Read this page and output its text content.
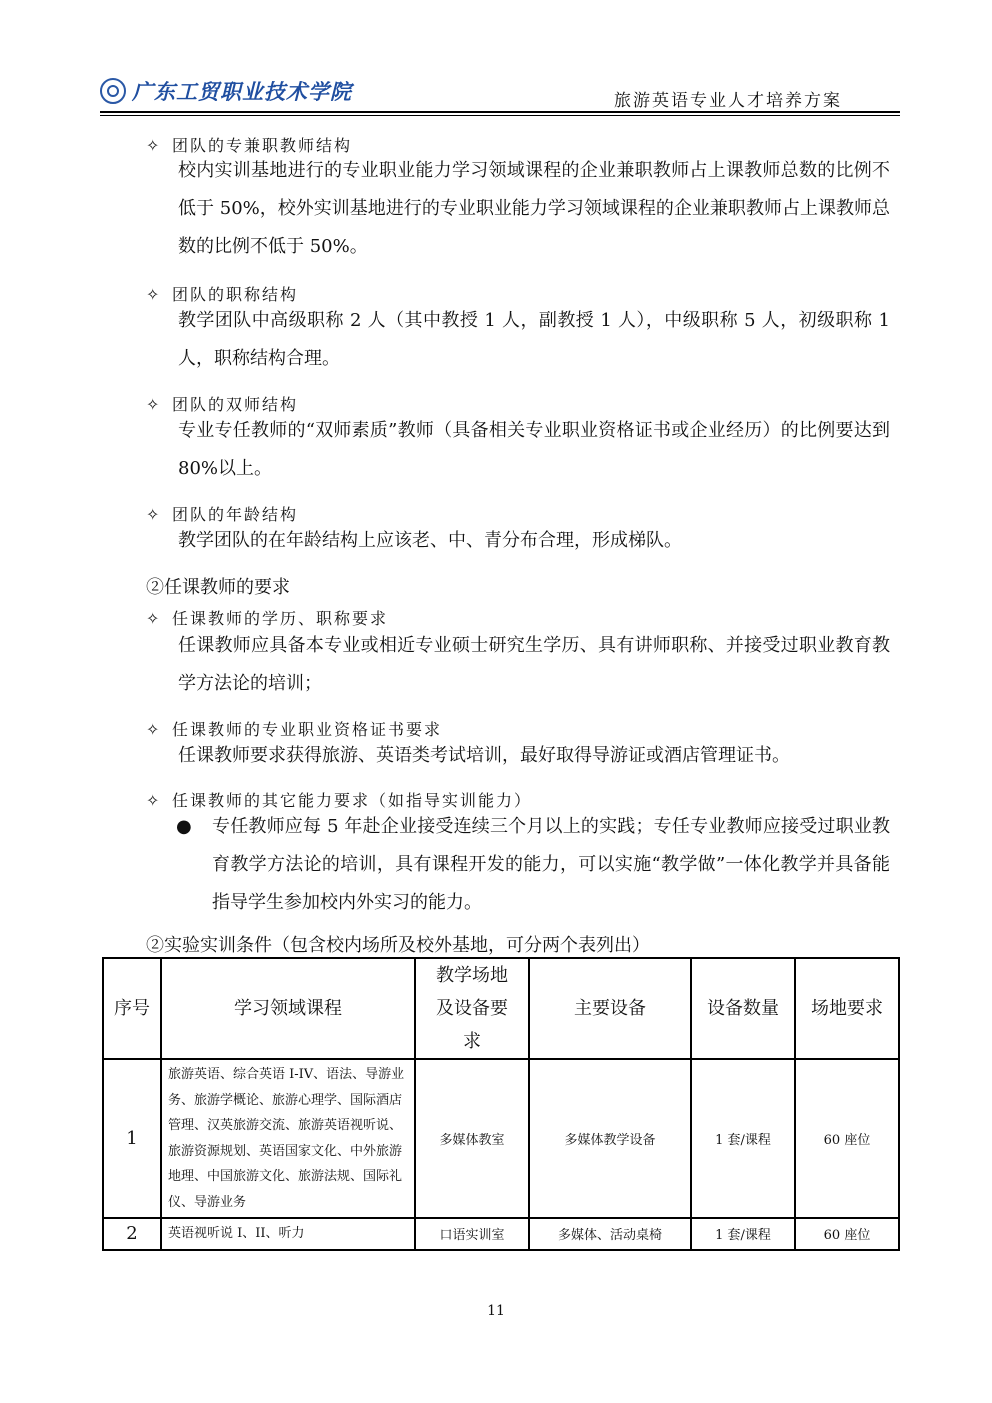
广东工贸职业技术学院	旅游英语专业人才培养方案
✧ 团队的专兼职教师结构
校内实训基地进行的专业职业能力学习领域课程的企业兼职教师占上课教师总数的比例不低于 50%，校外实训基地进行的专业职业能力学习领域课程的企业兼职教师占上课教师总数的比例不低于 50%。
✧ 团队的职称结构
教学团队中高级职称 2 人（其中教授 1 人，副教授 1 人），中级职称 5 人，初级职称 1 人，职称结构合理。
✧ 团队的双师结构
专业专任教师的“双师素质”教师（具备相关专业职业资格证书或企业经历）的比例要达到 80%以上。
✧ 团队的年龄结构
教学团队的在年龄结构上应该老、中、青分布合理，形成梯队。
②任课教师的要求
✧ 任课教师的学历、职称要求
任课教师应具备本专业或相近专业硕士研究生学历、具有讲师职称、并接受过职业教育教学方法论的培训；
✧ 任课教师的专业职业资格证书要求
任课教师要求获得旅游、英语类考试培训，最好取得导游证或酒店管理证书。
✧ 任课教师的其它能力要求（如指导实训能力）
● 专任教师应每 5 年赴企业接受连续三个月以上的实践；专任专业教师应接受过职业教育教学方法论的培训，具有课程开发的能力，可以实施“教学做”一体化教学并具备能指导学生参加校内外实习的能力。
②实验实训条件（包含校内场所及校外基地，可分两个表列出）
序号	学习领域课程	教学场地及设备要求	主要设备	设备数量	场地要求
1	旅游英语、综合英语 I-IV、语法、导游业务、旅游学概论、旅游心理学、国际酒店管理、汉英旅游交流、旅游英语视听说、旅游资源规划、英语国家文化、中外旅游地理、中国旅游文化、旅游法规、国际礼仪、导游业务	多媒体教室	多媒体教学设备	1 套/课程	60 座位
2	英语视听说 I、II、听力	口语实训室	多媒体、活动桌椅	1 套/课程	60 座位
11
